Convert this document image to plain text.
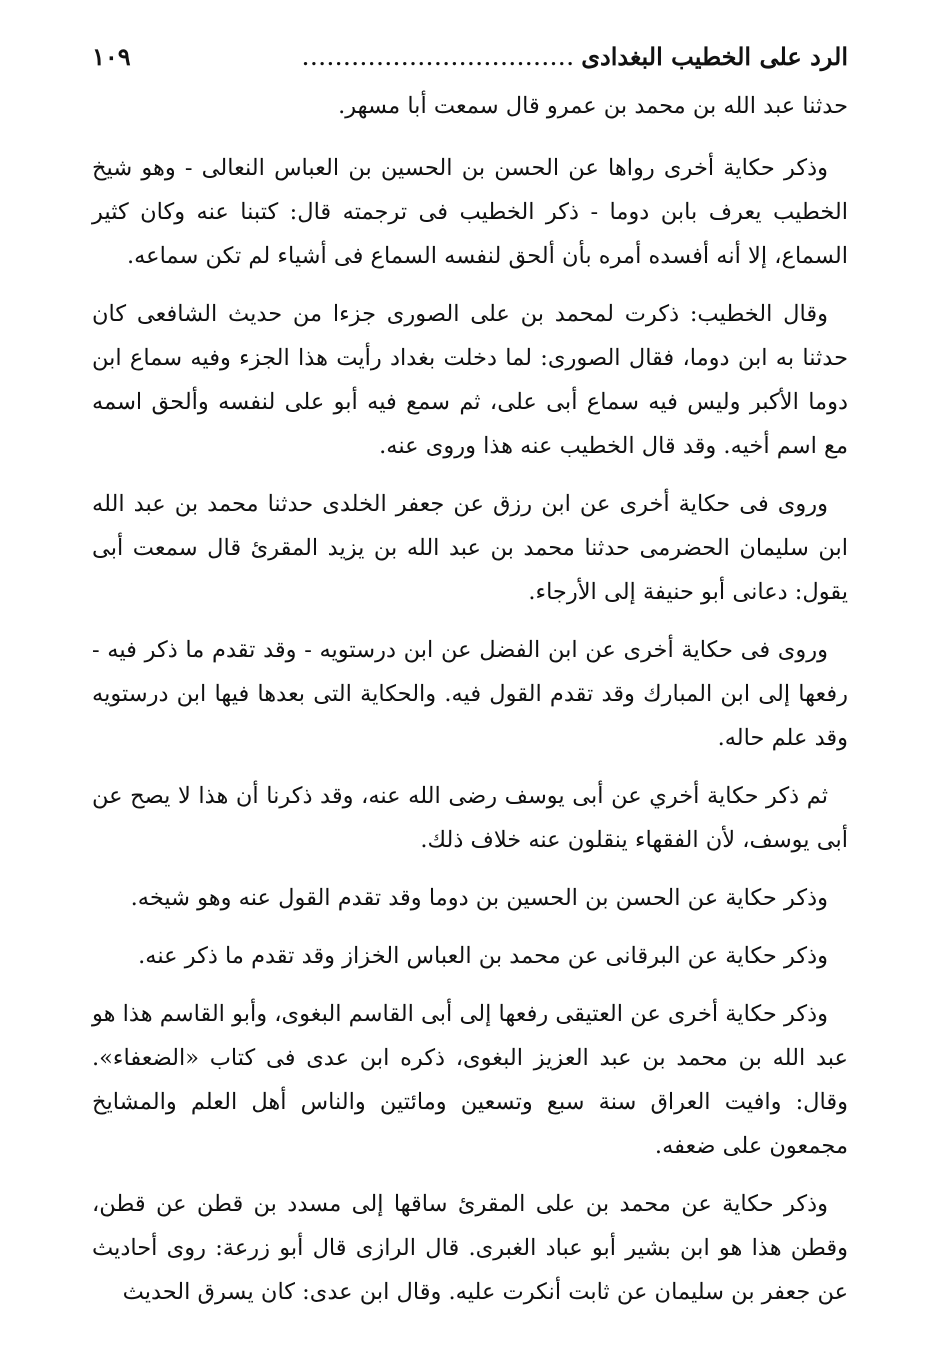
الرد على الخطيب البغدادى
.................................
١٠٩

حدثنا عبد الله بن محمد بن عمرو قال سمعت أبا مسهر.

وذكر حكاية أخرى رواها عن الحسن بن الحسين بن العباس النعالى - وهو شيخ الخطيب يعرف بابن دوما - ذكر الخطيب فى ترجمته قال: كتبنا عنه وكان كثير السماع، إلا أنه أفسده أمره بأن ألحق لنفسه السماع فى أشياء لم تكن سماعه.

وقال الخطيب: ذكرت لمحمد بن على الصورى جزءا من حديث الشافعى كان حدثنا به ابن دوما، فقال الصورى: لما دخلت بغداد رأيت هذا الجزء وفيه سماع ابن دوما الأكبر وليس فيه سماع أبى على، ثم سمع فيه أبو على لنفسه وألحق اسمه مع اسم أخيه. وقد قال الخطيب عنه هذا وروى عنه.

وروى فى حكاية أخرى عن ابن رزق عن جعفر الخلدى حدثنا محمد بن عبد الله ابن سليمان الحضرمى حدثنا محمد بن عبد الله بن يزيد المقرئ قال سمعت أبى يقول: دعانى أبو حنيفة إلى الأرجاء.

وروى فى حكاية أخرى عن ابن الفضل عن ابن درستويه - وقد تقدم ما ذكر فيه - رفعها إلى ابن المبارك وقد تقدم القول فيه. والحكاية التى بعدها فيها ابن درستويه وقد علم حاله.

ثم ذكر حكاية أخري عن أبى يوسف رضى الله عنه، وقد ذكرنا أن هذا لا يصح عن أبى يوسف، لأن الفقهاء ينقلون عنه خلاف ذلك.

وذكر حكاية عن الحسن بن الحسين بن دوما وقد تقدم القول عنه وهو شيخه.

وذكر حكاية عن البرقانى عن محمد بن العباس الخزاز وقد تقدم ما ذكر عنه.

وذكر حكاية أخرى عن العتيقى رفعها إلى أبى القاسم البغوى، وأبو القاسم هذا هو عبد الله بن محمد بن عبد العزيز البغوى، ذكره ابن عدى فى كتاب «الضعفاء». وقال: وافيت العراق سنة سبع وتسعين ومائتين والناس أهل العلم والمشايخ مجمعون على ضعفه.

وذكر حكاية عن محمد بن على المقرئ ساقها إلى مسدد بن قطن عن قطن، وقطن هذا هو ابن بشير أبو عباد الغبرى. قال الرازى قال أبو زرعة: روى أحاديث عن جعفر بن سليمان عن ثابت أنكرت عليه. وقال ابن عدى: كان يسرق الحديث
